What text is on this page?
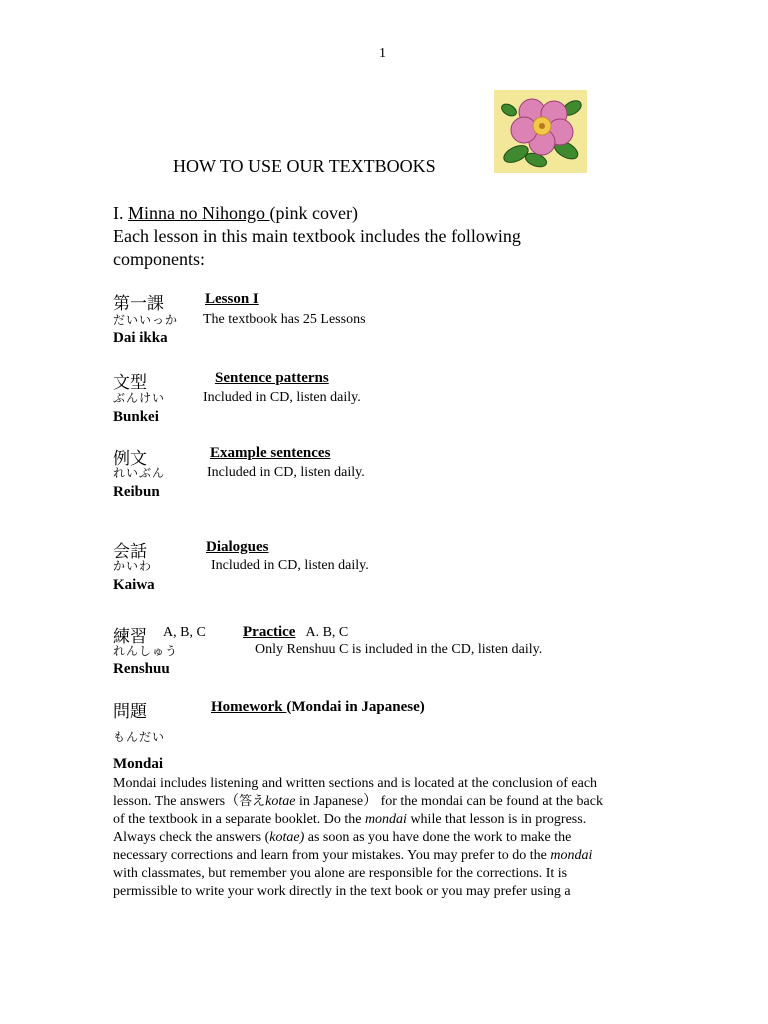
1
HOW TO USE OUR TEXTBOOKS
I. Minna no Nihongo (pink cover)
Each lesson in this main textbook includes the following
components:
第一課	Lesson I
だいいっか The textbook has 25 Lessons
Dai ikka
文型	Sentence patterns
ぶんけい	Included in CD, listen daily.
Bunkei
例文	Example sentences
れいぶん	Included in CD, listen daily.
Reibun
会話	Dialogues
かいわ	Included in CD, listen daily.
Kaiwa
練習 A, B, C Practice A. B, C
れんしゅう	Only Renshuu C is included in the CD, listen daily.
Renshuu
問題	Homework (Mondai in Japanese)
もんだい
Mondai

Mondai includes listening and written sections and is located at the conclusion of each

lesson. The answers（答えkotae in Japanese） for the mondai can be found at the back

of the textbook in a separate booklet. Do the mondai while that lesson is in progress.

Always check the answers (kotae) as soon as you have done the work to make the

necessary corrections and learn from your mistakes. You may prefer to do the mondai

with classmates, but remember you alone are responsible for the corrections. It is

permissible to write your work directly in the text book or you may prefer using a
